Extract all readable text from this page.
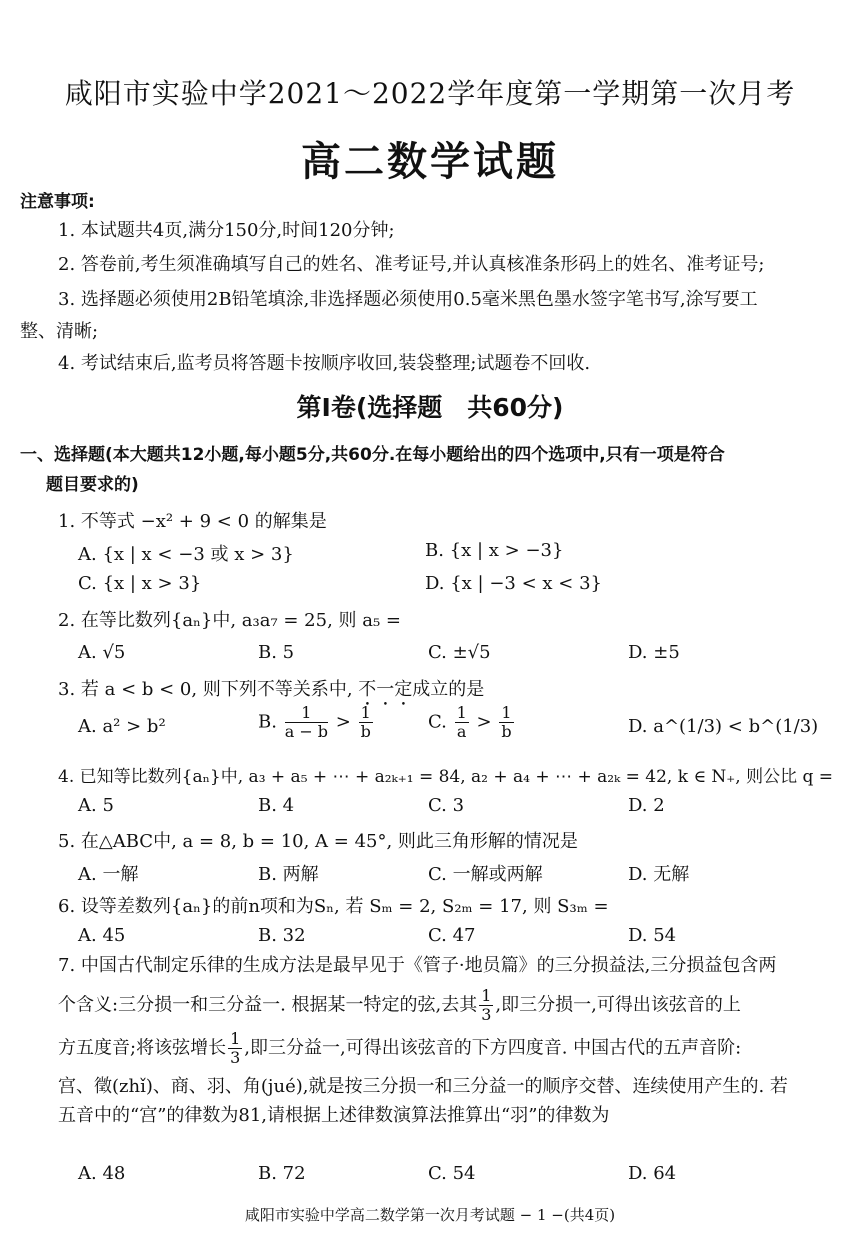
咸阳市实验中学2021～2022学年度第一学期第一次月考
高二数学试题
注意事项:
1. 本试题共4页,满分150分,时间120分钟;
2. 答卷前,考生须准确填写自己的姓名、准考证号,并认真核准条形码上的姓名、准考证号;
3. 选择题必须使用2B铅笔填涂,非选择题必须使用0.5毫米黑色墨水签字笔书写,涂写要工
整、清晰;
4. 考试结束后,监考员将答题卡按顺序收回,装袋整理;试题卷不回收.
第Ⅰ卷(选择题　共60分)
一、选择题(本大题共12小题,每小题5分,共60分.在每小题给出的四个选项中,只有一项是符合
题目要求的)
1. 不等式 −x² + 9 < 0 的解集是
A. {x | x < −3 或 x > 3}	B. {x | x > −3}
C. {x | x > 3}	D. {x | −3 < x < 3}
2. 在等比数列{aₙ}中, a₃a₇ = 25, 则 a₅ =
A. √5	B. 5	C. ±√5	D. ±5
3. 若 a < b < 0, 则下列不等关系中, 不一定成立的是
A. a² > b²	B. $\frac{1}{a - b} > \frac{1}{b}$	C. $\frac{1}{a} > \frac{1}{b}$	D. a^(1/3) < b^(1/3)
4. 已知等比数列{aₙ}中, a₃ + a₅ + ⋯ + a₂ₖ₊₁ = 84, a₂ + a₄ + ⋯ + a₂ₖ = 42, k ∈ N₊, 则公比 q =
A. 5	B. 4	C. 3	D. 2
5. 在△ABC中, a = 8, b = 10, A = 45°, 则此三角形解的情况是
A. 一解	B. 两解	C. 一解或两解	D. 无解
6. 设等差数列{aₙ}的前n项和为Sₙ, 若 Sₘ = 2, S₂ₘ = 17, 则 S₃ₘ =
A. 45	B. 32	C. 47	D. 54

7. 中国古代制定乐律的生成方法是最早见于《管子·地员篇》的三分损益法,三分损益包含两

个含义:三分损一和三分益一. 根据某一特定的弦,去其 $\frac{1}{3}$ ,即三分损一,可得出该弦音的上

方五度音;将该弦增长 $\frac{1}{3}$ ,即三分益一,可得出该弦音的下方四度音. 中国古代的五声音阶:

宫、徵(zhǐ)、商、羽、角(jué),就是按三分损一和三分益一的顺序交替、连续使用产生的. 若

五音中的“宫”的律数为81,请根据上述律数演算法推算出“羽”的律数为

A. 48	B. 72	C. 54	D. 64
咸阳市实验中学高二数学第一次月考试题 − 1 −(共4页)
